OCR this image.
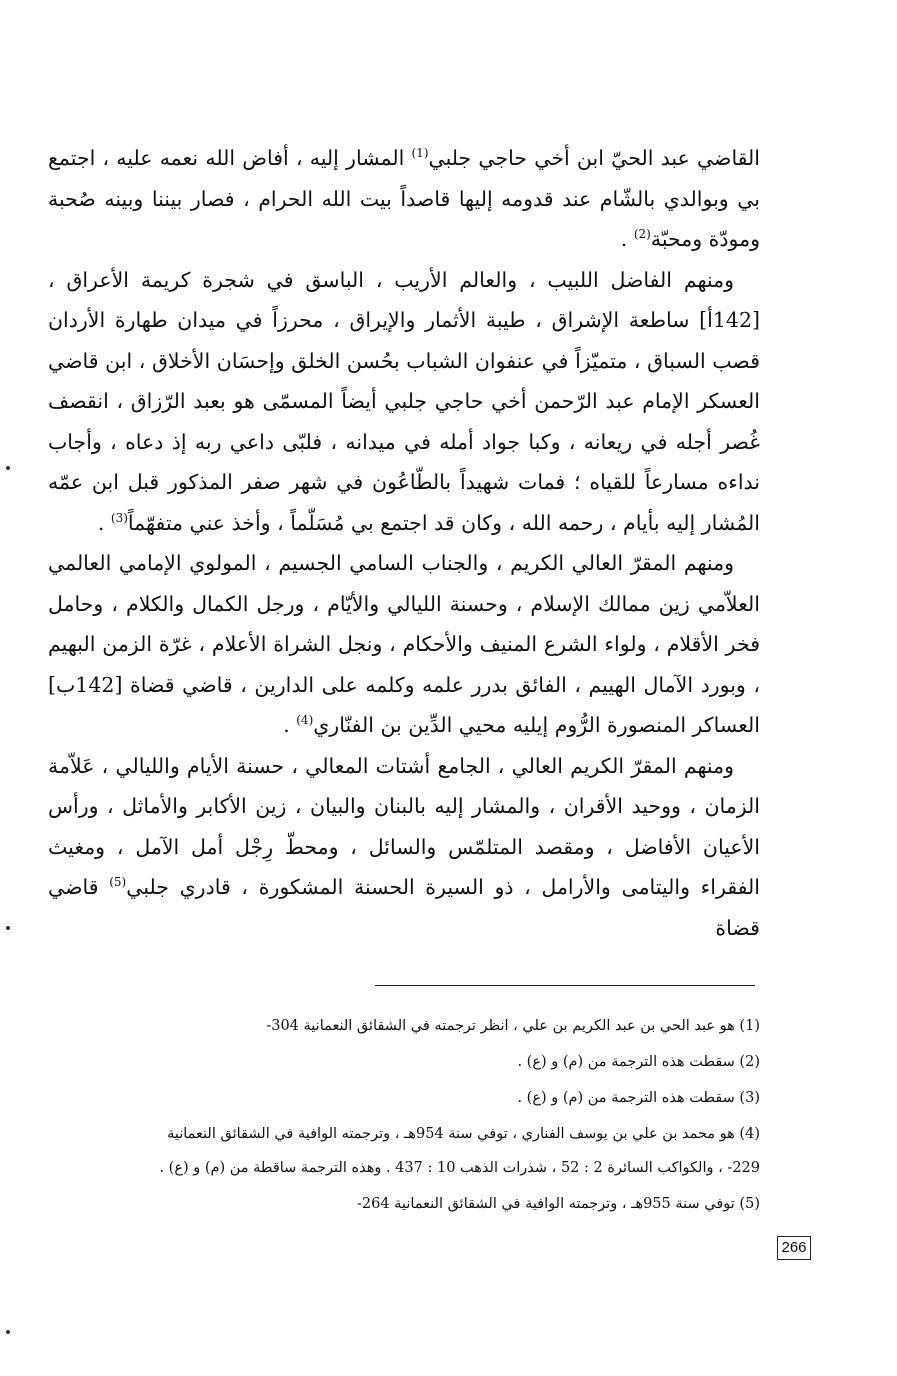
القاضي عبد الحيّ ابن أخي حاجي جلبي$^{(1)}$ المشار إليه ، أفاض الله نعمه عليه ، اجتمع بي وبوالدي بالشّام عند قدومه إليها قاصداً بيت الله الحرام ، فصار بيننا وبينه صُحبة ومودّة ومحبّة$^{(2)}$ .

ومنهم الفاضل اللبيب ، والعالم الأريب ، الباسق في شجرة كريمة الأعراق ، [142أ] ساطعة الإشراق ، طيبة الأثمار والإيراق ، محرزاً في ميدان طهارة الأردان قصب السباق ، متميّزاً في عنفوان الشباب بحُسن الخلق وإحسَان الأخلاق ، ابن قاضي العسكر الإمام عبد الرّحمن أخي حاجي جلبي أيضاً المسمّى هو بعبد الرّزاق ، انقصف غُصر أجله في ريعانه ، وكبا جواد أمله في ميدانه ، فلبّى داعي ربه إذ دعاه ، وأجاب نداءه مسارعاً للقياه ؛ فمات شهيداً بالطّاعُون في شهر صفر المذكور قبل ابن عمّه المُشار إليه بأيام ، رحمه الله ، وكان قد اجتمع بي مُسَلّماً ، وأخذ عني متفهّماً$^{(3)}$ .

ومنهم المقرّ العالي الكريم ، والجناب السامي الجسيم ، المولوي الإمامي العالمي العلاّمي زين ممالك الإسلام ، وحسنة الليالي والأيّام ، ورجل الكمال والكلام ، وحامل فخر الأقلام ، ولواء الشرع المنيف والأحكام ، ونجل الشراة الأعلام ، غرّة الزمن البهيم ، وبورد الآمال الهييم ، الفائق بدرر علمه وكلمه على الدارين ، قاضي قضاة [142ب] العساكر المنصورة الرُّوم إيليه محيي الدِّين بن الفنّاري$^{(4)}$ .

ومنهم المقرّ الكريم العالي ، الجامع أشتات المعالي ، حسنة الأيام والليالي ، عَلاّمة الزمان ، ووحيد الأقران ، والمشار إليه بالبنان والبيان ، زين الأكابر والأماثل ، ورأس الأعيان الأفاضل ، ومقصد المتلمّس والسائل ، ومحطّ رِجْل أمل الآمل ، ومغيث الفقراء واليتامى والأرامل ، ذو السيرة الحسنة المشكورة ، قادري جلبي$^{(5)}$ قاضي قضاة

(1) هو عبد الحي بن عبد الكريم بن علي ، انظر ترجمته في الشقائق النعمانية 304-

(2) سقطت هذه الترجمة من (م) و (ع) .

(3) سقطت هذه الترجمة من (م) و (ع) .

(4) هو محمد بن علي بن يوسف الفناري ، توفي سنة 954هـ ، وترجمته الوافية في الشقائق النعمانية

229- ، والكواكب السائرة 2 : 52 ، شذرات الذهب 10 : 437 . وهذه الترجمة ساقطة من (م) و (ع) .

(5) توفي سنة 955هـ ، وترجمته الوافية في الشقائق النعمانية 264-

266
